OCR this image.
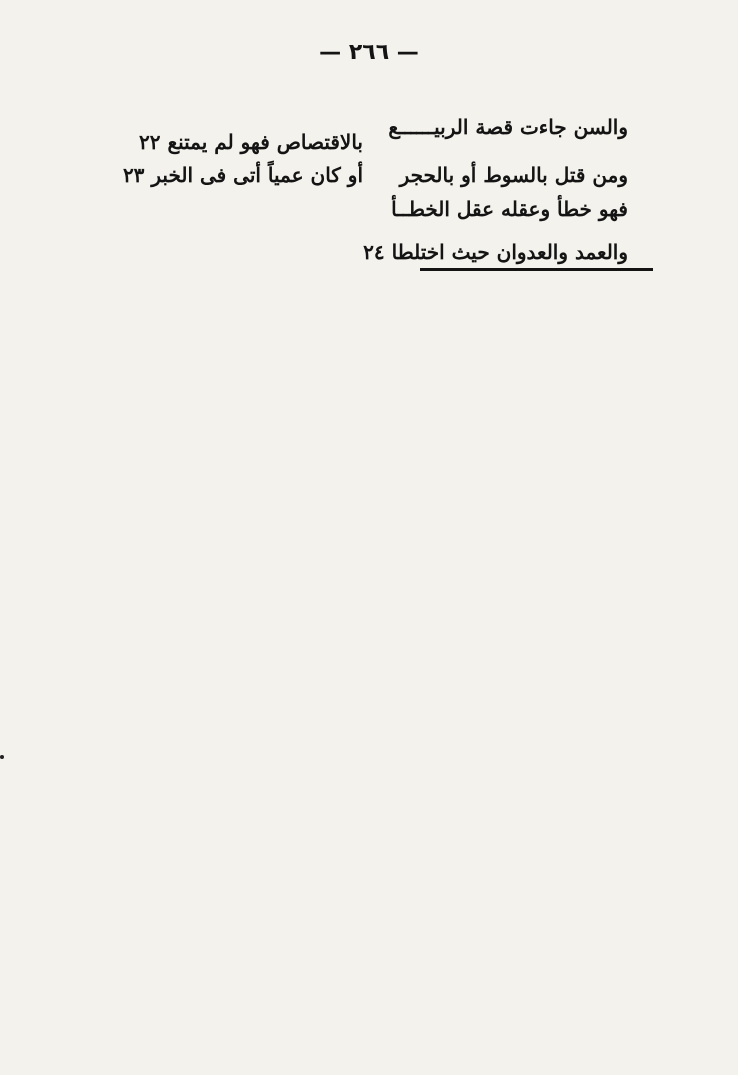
— ٢٦٦ —
والسن جاءت قصة الربيــــــع
بالاقتصاص فهو لم يمتنع ٢٢
ومن قتل بالسوط أو بالحجر
أو كان عمياً أتى فى الخبر ٢٣
فهو خطأ وعقله عقل الخطــأ
والعمد والعدوان حيث اختلطا ٢٤
